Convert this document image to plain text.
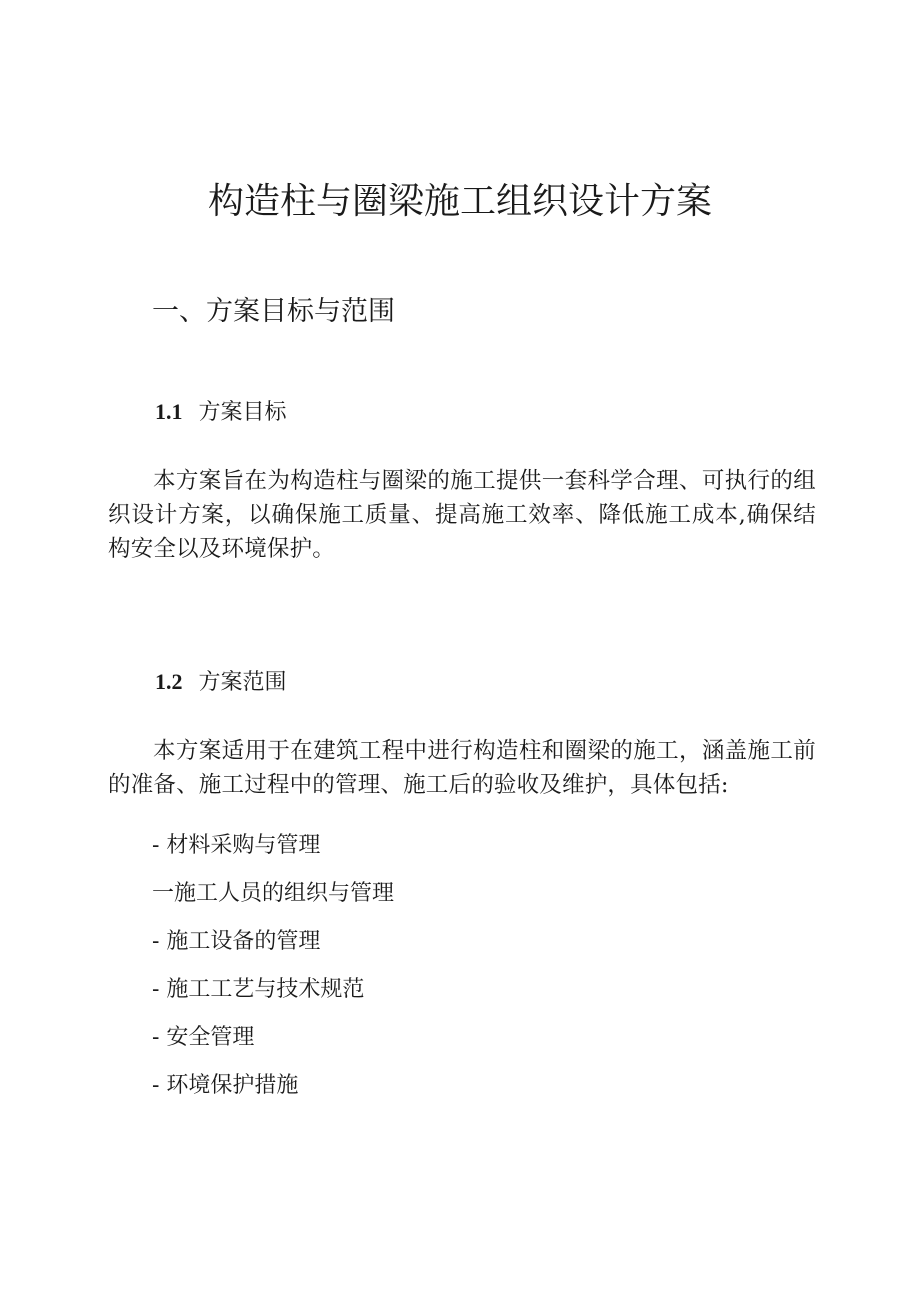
构造柱与圈梁施工组织设计方案
一、方案目标与范围
1.1 方案目标

本方案旨在为构造柱与圈梁的施工提供一套科学合理、可执行的组织设计方案，以确保施工质量、提高施工效率、降低施工成本,确保结构安全以及环境保护。

1.2 方案范围

本方案适用于在建筑工程中进行构造柱和圈梁的施工，涵盖施工前的准备、施工过程中的管理、施工后的验收及维护，具体包括:

- 材料采购与管理
一施工人员的组织与管理
- 施工设备的管理
- 施工工艺与技术规范
- 安全管理
- 环境保护措施
